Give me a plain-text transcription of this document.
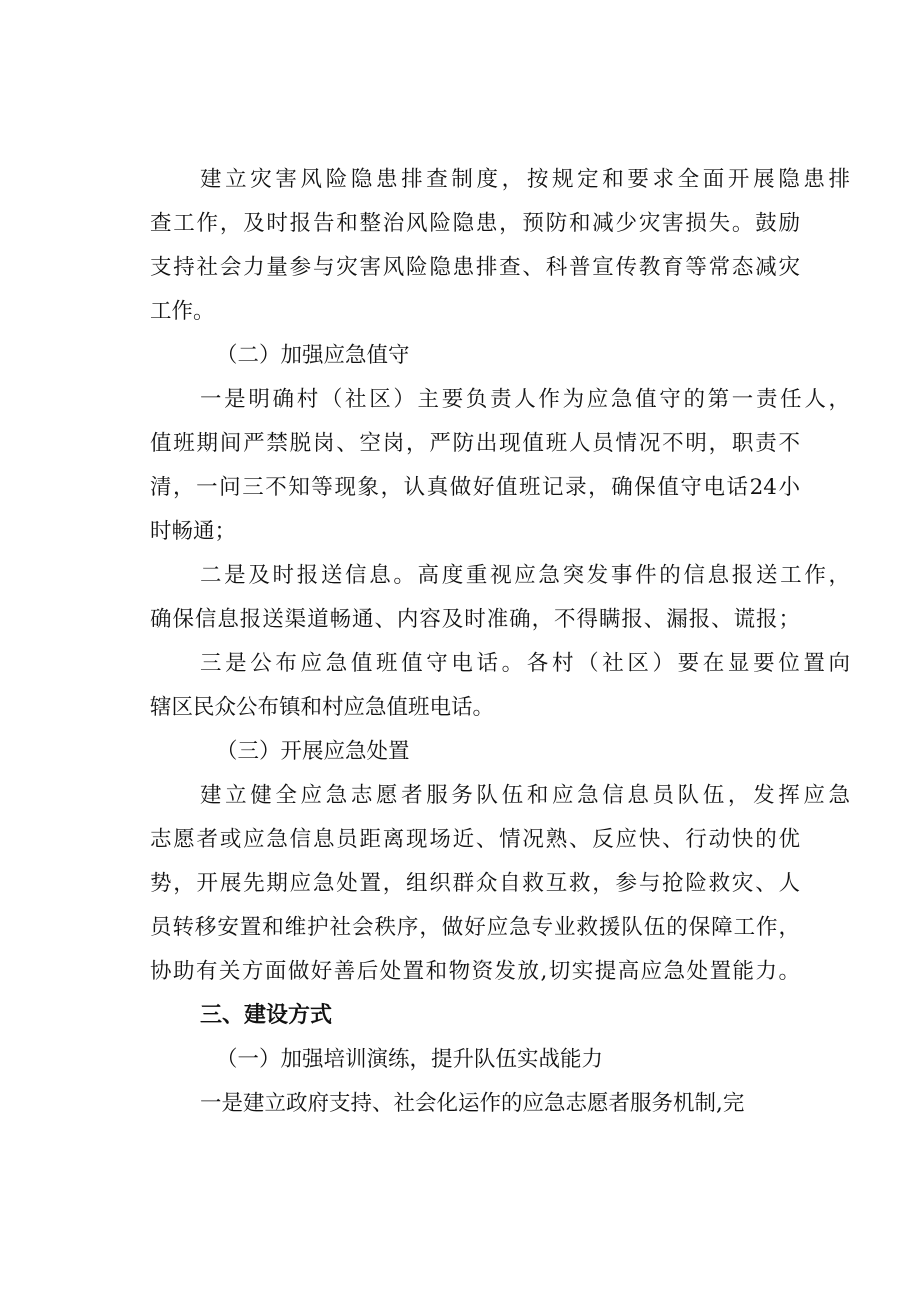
建立灾害风险隐患排查制度，按规定和要求全面开展隐患排
查工作，及时报告和整治风险隐患，预防和减少灾害损失。鼓励
支持社会力量参与灾害风险隐患排查、科普宣传教育等常态减灾
工作。
（二）加强应急值守
一是明确村（社区）主要负责人作为应急值守的第一责任人，
值班期间严禁脱岗、空岗，严防出现值班人员情况不明，职责不
清，一问三不知等现象，认真做好值班记录，确保值守电话24小
时畅通；
二是及时报送信息。高度重视应急突发事件的信息报送工作，
确保信息报送渠道畅通、内容及时准确，不得瞒报、漏报、谎报；
三是公布应急值班值守电话。各村（社区）要在显要位置向
辖区民众公布镇和村应急值班电话。
（三）开展应急处置
建立健全应急志愿者服务队伍和应急信息员队伍，发挥应急
志愿者或应急信息员距离现场近、情况熟、反应快、行动快的优
势，开展先期应急处置，组织群众自救互救，参与抢险救灾、人
员转移安置和维护社会秩序，做好应急专业救援队伍的保障工作，
协助有关方面做好善后处置和物资发放,切实提高应急处置能力。
三、建设方式
（一）加强培训演练，提升队伍实战能力
一是建立政府支持、社会化运作的应急志愿者服务机制,完
